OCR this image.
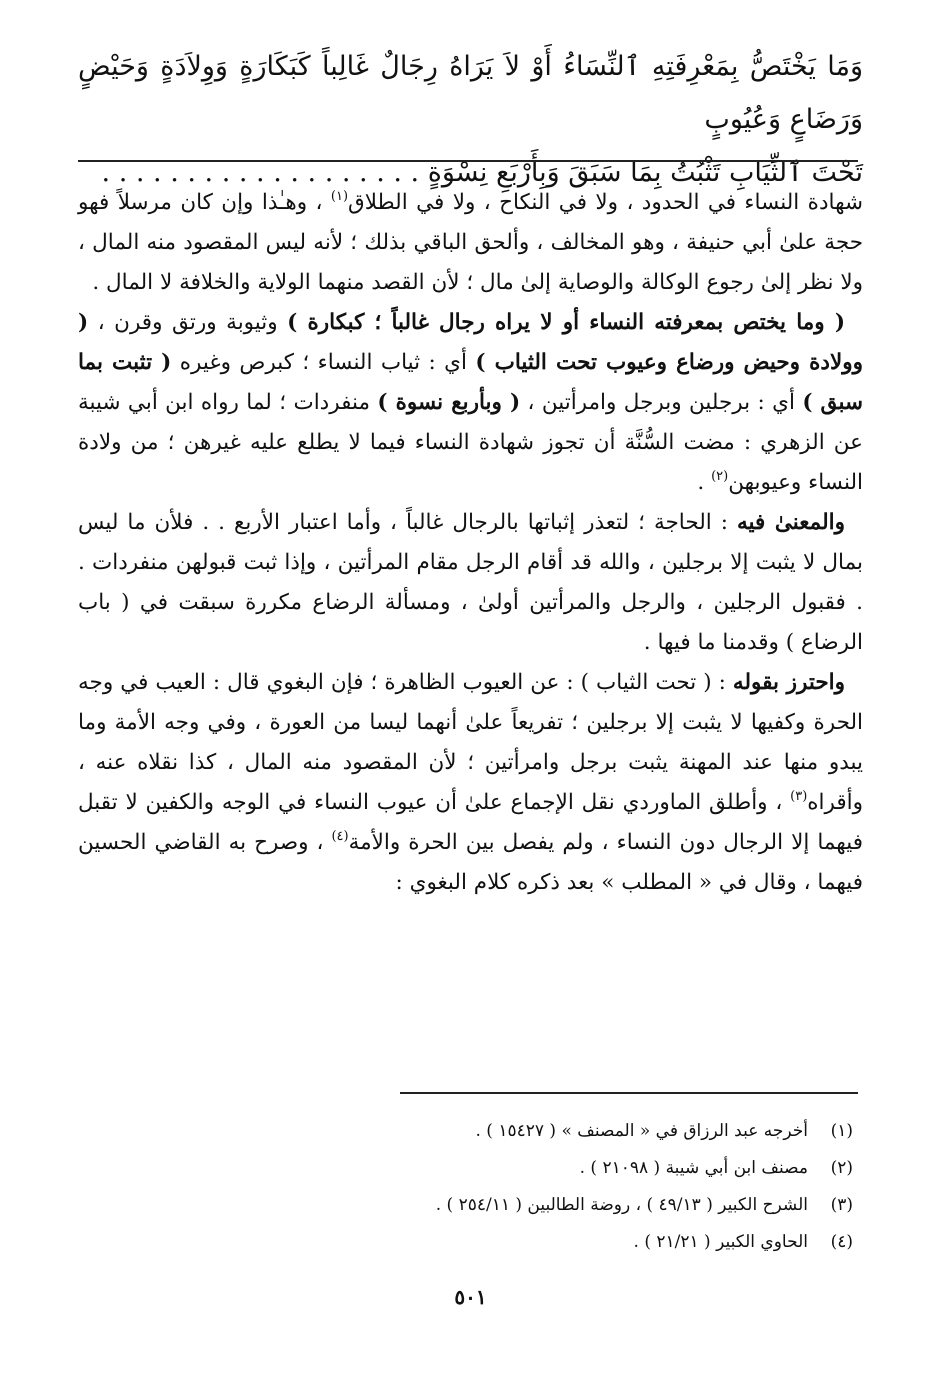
وَمَا يَخْتَصُّ بِمَعْرِفَتِهِ ٱلنِّسَاءُ أَوْ لاَ يَرَاهُ رِجَالٌ غَالِباً كَبَكَارَةٍ وَوِلاَدَةٍ وَحَيْضٍ وَرَضَاعٍ وَعُيُوبٍ
تَحْتَ ٱلثِّيَابِ تَثْبُتُ بِمَا سَبَقَ وَبِأَرْبَعِ نِسْوَةٍ . . . . . . . . . . . . . . . . . . .

شهادة النساء في الحدود ، ولا في النكاح ، ولا في الطلاق$^{(١)}$ ، وهـٰذا وإن كان مرسلاً فهو حجة علىٰ أبي حنيفة ، وهو المخالف ، وألحق الباقي بذلك ؛ لأنه ليس المقصود منه المال ، ولا نظر إلىٰ رجوع الوكالة والوصاية إلىٰ مال ؛ لأن القصد منهما الولاية والخلافة لا المال .

( وما يختص بمعرفته النساء أو لا يراه رجال غالباً ؛ كبكارة ) وثيوبة ورتق وقرن ، ( وولادة وحيض ورضاع وعيوب تحت الثياب ) أي : ثياب النساء ؛ كبرص وغيره ( تثبت بما سبق ) أي : برجلين وبرجل وامرأتين ، ( وبأربع نسوة ) منفردات ؛ لما رواه ابن أبي شيبة عن الزهري : مضت السُّنَّة أن تجوز شهادة النساء فيما لا يطلع عليه غيرهن ؛ من ولادة النساء وعيوبهن$^{(٢)}$ .

والمعنىٰ فيه : الحاجة ؛ لتعذر إثباتها بالرجال غالباً ، وأما اعتبار الأربع . . فلأن ما ليس بمال لا يثبت إلا برجلين ، والله قد أقام الرجل مقام المرأتين ، وإذا ثبت قبولهن منفردات . . فقبول الرجلين ، والرجل والمرأتين أولىٰ ، ومسألة الرضاع مكررة سبقت في ( باب الرضاع ) وقدمنا ما فيها .

واحترز بقوله : ( تحت الثياب ) : عن العيوب الظاهرة ؛ فإن البغوي قال : العيب في وجه الحرة وكفيها لا يثبت إلا برجلين ؛ تفريعاً علىٰ أنهما ليسا من العورة ، وفي وجه الأمة وما يبدو منها عند المهنة يثبت برجل وامرأتين ؛ لأن المقصود منه المال ، كذا نقلاه عنه ، وأقراه$^{(٣)}$ ، وأطلق الماوردي نقل الإجماع علىٰ أن عيوب النساء في الوجه والكفين لا تقبل فيهما إلا الرجال دون النساء ، ولم يفصل بين الحرة والأمة$^{(٤)}$ ، وصرح به القاضي الحسين فيهما ، وقال في « المطلب » بعد ذكره كلام البغوي :

(١)
أخرجه عبد الرزاق في « المصنف » ( ١٥٤٢٧ ) .
(٢)
مصنف ابن أبي شيبة ( ٢١٠٩٨ ) .
(٣)
الشرح الكبير ( ٤٩/١٣ ) ، روضة الطالبين ( ٢٥٤/١١ ) .
(٤)
الحاوي الكبير ( ٢١/٢١ ) .
٥٠١
